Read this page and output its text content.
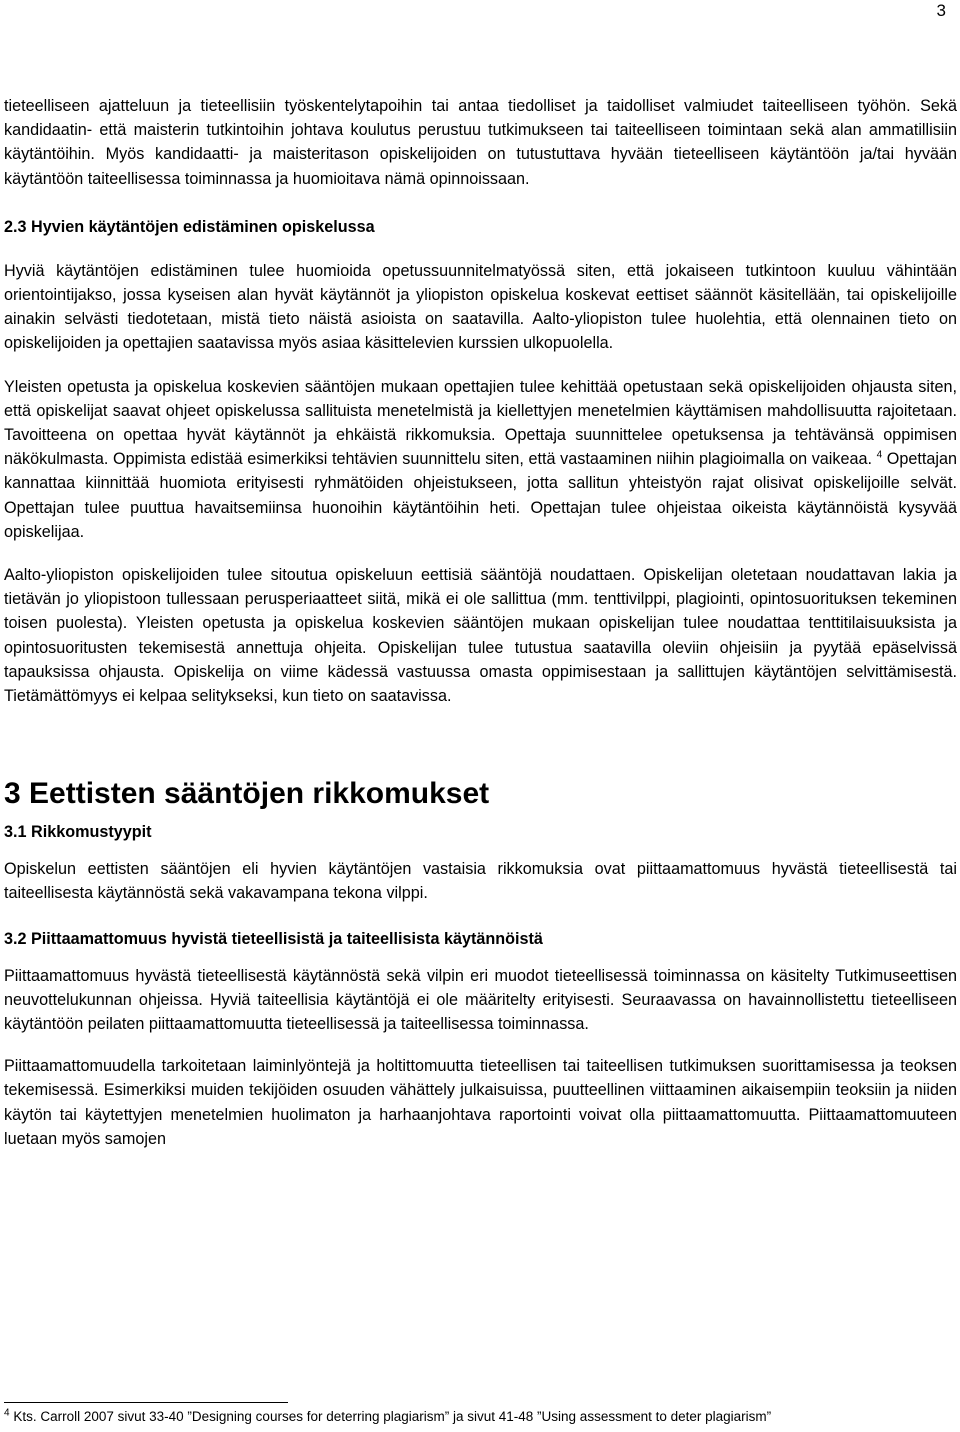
3

tieteelliseen ajatteluun ja tieteellisiin työskentelytapoihin tai antaa tiedolliset ja taidolliset valmiudet taiteelliseen työhön. Sekä kandidaatin- että maisterin tutkintoihin johtava koulutus perustuu tutkimukseen tai taiteelliseen toimintaan sekä alan ammatillisiin käytäntöihin. Myös kandidaatti- ja maisteritason opiskelijoiden on tutustuttava hyvään tieteelliseen käytäntöön ja/tai hyvään käytäntöön taiteellisessa toiminnassa ja huomioitava nämä opinnoissaan.

2.3 Hyvien käytäntöjen edistäminen opiskelussa

Hyviä käytäntöjen edistäminen tulee huomioida opetussuunnitelmatyössä siten, että jokaiseen tutkintoon kuuluu vähintään orientointijakso, jossa kyseisen alan hyvät käytännöt ja yliopiston opiskelua koskevat eettiset säännöt käsitellään, tai opiskelijoille ainakin selvästi tiedotetaan, mistä tieto näistä asioista on saatavilla. Aalto-yliopiston tulee huolehtia, että olennainen tieto on opiskelijoiden ja opettajien saatavissa myös asiaa käsittelevien kurssien ulkopuolella.

Yleisten opetusta ja opiskelua koskevien sääntöjen mukaan opettajien tulee kehittää opetustaan sekä opiskelijoiden ohjausta siten, että opiskelijat saavat ohjeet opiskelussa sallituista menetelmistä ja kiellettyjen menetelmien käyttämisen mahdollisuutta rajoitetaan. Tavoitteena on opettaa hyvät käytännöt ja ehkäistä rikkomuksia. Opettaja suunnittelee opetuksensa ja tehtävänsä oppimisen näkökulmasta. Oppimista edistää esimerkiksi tehtävien suunnittelu siten, että vastaaminen niihin plagioimalla on vaikeaa. $^4$ Opettajan kannattaa kiinnittää huomiota erityisesti ryhmätöiden ohjeistukseen, jotta sallitun yhteistyön rajat olisivat opiskelijoille selvät. Opettajan tulee puuttua havaitsemiinsa huonoihin käytäntöihin heti. Opettajan tulee ohjeistaa oikeista käytännöistä kysyvää opiskelijaa.

Aalto-yliopiston opiskelijoiden tulee sitoutua opiskeluun eettisiä sääntöjä noudattaen. Opiskelijan oletetaan noudattavan lakia ja tietävän jo yliopistoon tullessaan perusperiaatteet siitä, mikä ei ole sallittua (mm. tenttivilppi, plagiointi, opintosuorituksen tekeminen toisen puolesta). Yleisten opetusta ja opiskelua koskevien sääntöjen mukaan opiskelijan tulee noudattaa tenttitilaisuuksista ja opintosuoritusten tekemisestä annettuja ohjeita. Opiskelijan tulee tutustua saatavilla oleviin ohjeisiin ja pyytää epäselvissä tapauksissa ohjausta. Opiskelija on viime kädessä vastuussa omasta oppimisestaan ja sallittujen käytäntöjen selvittämisestä. Tietämättömyys ei kelpaa selitykseksi, kun tieto on saatavissa.

3 Eettisten sääntöjen rikkomukset
3.1 Rikkomustyypit

Opiskelun eettisten sääntöjen eli hyvien käytäntöjen vastaisia rikkomuksia ovat piittaamattomuus hyvästä tieteellisestä tai taiteellisesta käytännöstä sekä vakavampana tekona vilppi.

3.2 Piittaamattomuus hyvistä tieteellisistä ja taiteellisista käytännöistä

Piittaamattomuus hyvästä tieteellisestä käytännöstä sekä vilpin eri muodot tieteellisessä toiminnassa on käsitelty Tutkimuseettisen neuvottelukunnan ohjeissa. Hyviä taiteellisia käytäntöjä ei ole määritelty erityisesti. Seuraavassa on havainnollistettu tieteelliseen käytäntöön peilaten piittaamattomuutta tieteellisessä ja taiteellisessa toiminnassa.

Piittaamattomuudella tarkoitetaan laiminlyöntejä ja holtittomuutta tieteellisen tai taiteellisen tutkimuksen suorittamisessa ja teoksen tekemisessä. Esimerkiksi muiden tekijöiden osuuden vähättely julkaisuissa, puutteellinen viittaaminen aikaisempiin teoksiin ja niiden käytön tai käytettyjen menetelmien huolimaton ja harhaanjohtava raportointi voivat olla piittaamattomuutta. Piittaamattomuuteen luetaan myös samojen

$^4$ Kts. Carroll 2007 sivut 33-40 ”Designing courses for deterring plagiarism” ja sivut 41-48 ”Using assessment to deter plagiarism”
